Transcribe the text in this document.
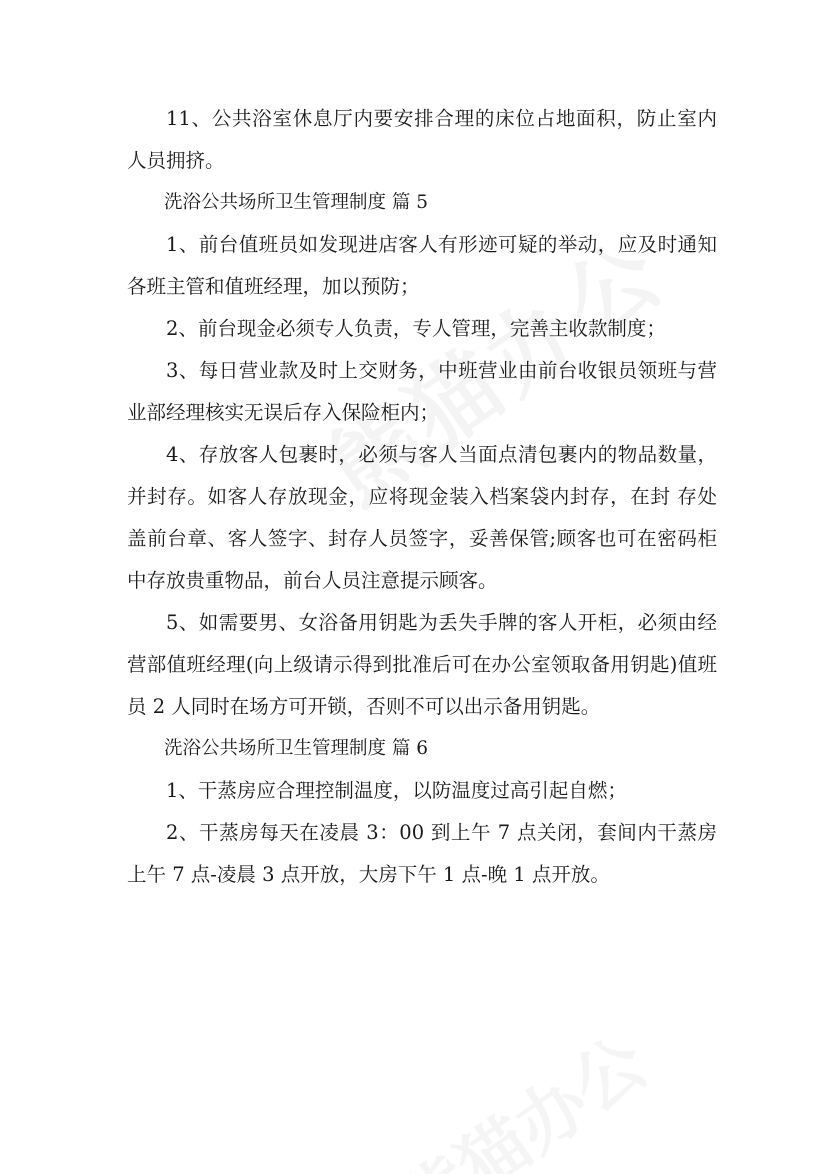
11、公共浴室休息厅内要安排合理的床位占地面积，防止室内人员拥挤。

洗浴公共场所卫生管理制度 篇 5

1、前台值班员如发现进店客人有形迹可疑的举动，应及时通知各班主管和值班经理，加以预防；

2、前台现金必须专人负责，专人管理，完善主收款制度；

3、每日营业款及时上交财务，中班营业由前台收银员领班与营业部经理核实无误后存入保险柜内；

4、存放客人包裹时，必须与客人当面点清包裹内的物品数量，并封存。如客人存放现金，应将现金装入档案袋内封存，在封 存处盖前台章、客人签字、封存人员签字，妥善保管;顾客也可在密码柜中存放贵重物品，前台人员注意提示顾客。

5、如需要男、女浴备用钥匙为丢失手牌的客人开柜，必须由经营部值班经理(向上级请示得到批准后可在办公室领取备用钥匙)值班员 2 人同时在场方可开锁，否则不可以出示备用钥匙。

洗浴公共场所卫生管理制度 篇 6

1、干蒸房应合理控制温度，以防温度过高引起自燃；

2、干蒸房每天在凌晨 3：00 到上午 7 点关闭，套间内干蒸房上午 7 点-凌晨 3 点开放，大房下午 1 点-晚 1 点开放。
